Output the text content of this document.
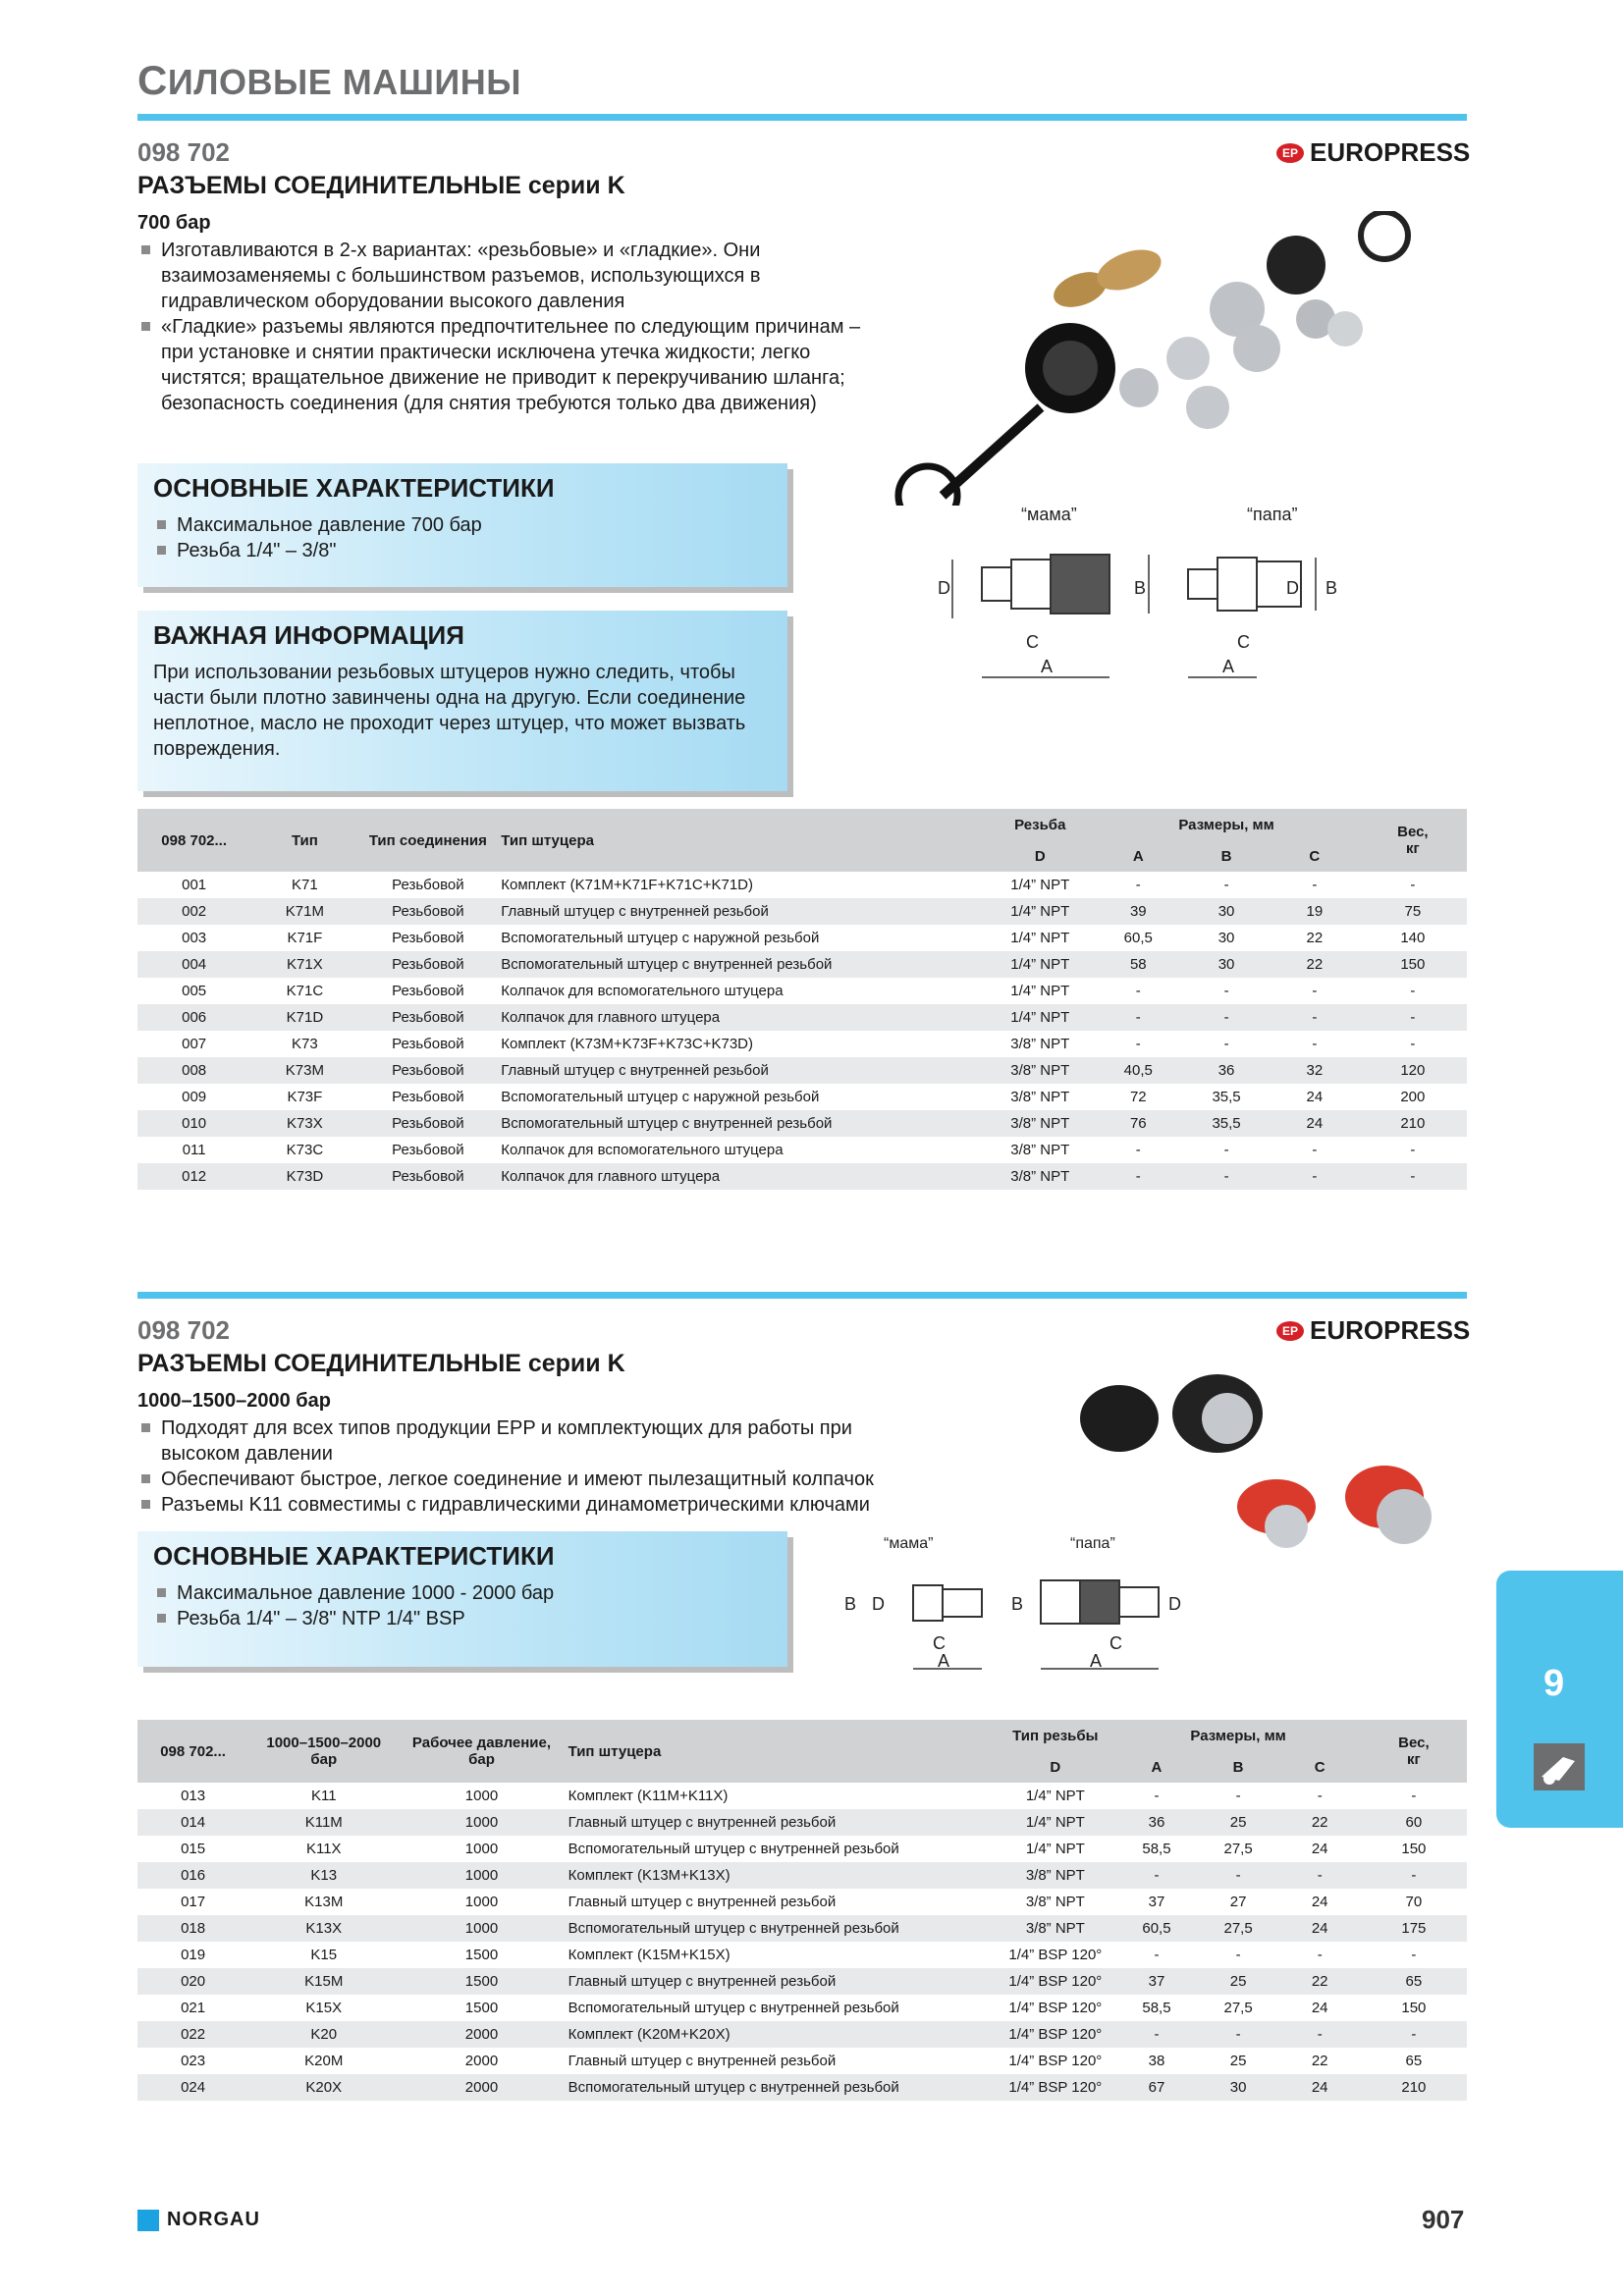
СИЛОВЫЕ МАШИНЫ
098 702
РАЗЪЕМЫ СОЕДИНИТЕЛЬНЫЕ серии K
EP EUROPRESS
700 бар
Изготавливаются в 2-х вариантах: «резьбовые» и «гладкие». Они взаимозаменяемы с большинством разъемов, использующихся в гидравлическом оборудовании высокого давления
«Гладкие» разъемы являются предпочтительнее по следующим причинам – при установке и снятии практически исключена утечка жидкости; легко чистятся; вращательное движение не приводит к перекручиванию шланга; безопасность соединения (для снятия требуются только два движения)
“мама”	“папа”
D
C
A
B
C
A
D B
ОСНОВНЫЕ ХАРАКТЕРИСТИКИ
Максимальное давление 700 бар
Резьба 1/4" – 3/8"
ВАЖНАЯ ИНФОРМАЦИЯ

При использовании резьбовых штуцеров нужно следить, чтобы части были плотно завинчены одна на другую. Если соединение неплотное, масло не проходит через штуцер, что может вызвать повреждения.

098 702...	Тип	Тип соединения	Тип штуцера	Резьба	Размеры, мм			Вес,
кг
				D	A	B	C	
001	K71	Резьбовой	Комплект (K71M+K71F+K71C+K71D)	1/4” NPT	-	-	-	-
002	K71M	Резьбовой	Главный штуцер с внутренней резьбой	1/4” NPT	39	30	19	75
003	K71F	Резьбовой	Вспомогательный штуцер с наружной резьбой	1/4” NPT	60,5	30	22	140
004	K71X	Резьбовой	Вспомогательный штуцер с внутренней резьбой	1/4” NPT	58	30	22	150
005	K71C	Резьбовой	Колпачок для вспомогательного штуцера	1/4” NPT	-	-	-	-
006	K71D	Резьбовой	Колпачок для главного штуцера	1/4” NPT	-	-	-	-
007	K73	Резьбовой	Комплект (K73M+K73F+K73C+K73D)	3/8” NPT	-	-	-	-
008	K73M	Резьбовой	Главный штуцер с внутренней резьбой	3/8” NPT	40,5	36	32	120
009	K73F	Резьбовой	Вспомогательный штуцер с наружной резьбой	3/8” NPT	72	35,5	24	200
010	K73X	Резьбовой	Вспомогательный штуцер с внутренней резьбой	3/8” NPT	76	35,5	24	210
011	K73C	Резьбовой	Колпачок для вспомогательного штуцера	3/8” NPT	-	-	-	-
012	K73D	Резьбовой	Колпачок для главного штуцера	3/8” NPT	-	-	-	-
098 702
РАЗЪЕМЫ СОЕДИНИТЕЛЬНЫЕ серии K
EP EUROPRESS
1000–1500–2000 бар
Подходят для всех типов продукции EPP и комплектующих для работы при высоком давлении
Обеспечивают быстрое, легкое соединение и имеют пылезащитный колпачок
Разъемы K11 совместимы с гидравлическими динамометрическими ключами
“мама”	“папа”
B D
C
A
B
C
A
D
ОСНОВНЫЕ ХАРАКТЕРИСТИКИ
Максимальное давление 1000 - 2000 бар
Резьба 1/4" – 3/8" NTP 1/4" BSP
098 702...	1000–1500–2000
бар	Рабочее давление,
бар	Тип штуцера	Тип резьбы	Размеры, мм			Вес,
кг
				D	A	B	C	
013	K11	1000	Комплект (K11M+K11X)	1/4” NPT	-	-	-	-
014	K11M	1000	Главный штуцер с внутренней резьбой	1/4” NPT	36	25	22	60
015	K11X	1000	Вспомогательный штуцер с внутренней резьбой	1/4” NPT	58,5	27,5	24	150
016	K13	1000	Комплект (K13M+K13X)	3/8” NPT	-	-	-	-
017	K13M	1000	Главный штуцер с внутренней резьбой	3/8” NPT	37	27	24	70
018	K13X	1000	Вспомогательный штуцер с внутренней резьбой	3/8” NPT	60,5	27,5	24	175
019	K15	1500	Комплект (K15M+K15X)	1/4” BSP 120°	-	-	-	-
020	K15M	1500	Главный штуцер с внутренней резьбой	1/4” BSP 120°	37	25	22	65
021	K15X	1500	Вспомогательный штуцер с внутренней резьбой	1/4” BSP 120°	58,5	27,5	24	150
022	K20	2000	Комплект (K20M+K20X)	1/4” BSP 120°	-	-	-	-
023	K20M	2000	Главный штуцер с внутренней резьбой	1/4” BSP 120°	38	25	22	65
024	K20X	2000	Вспомогательный штуцер с внутренней резьбой	1/4” BSP 120°	67	30	24	210
9
NORGAU	907
